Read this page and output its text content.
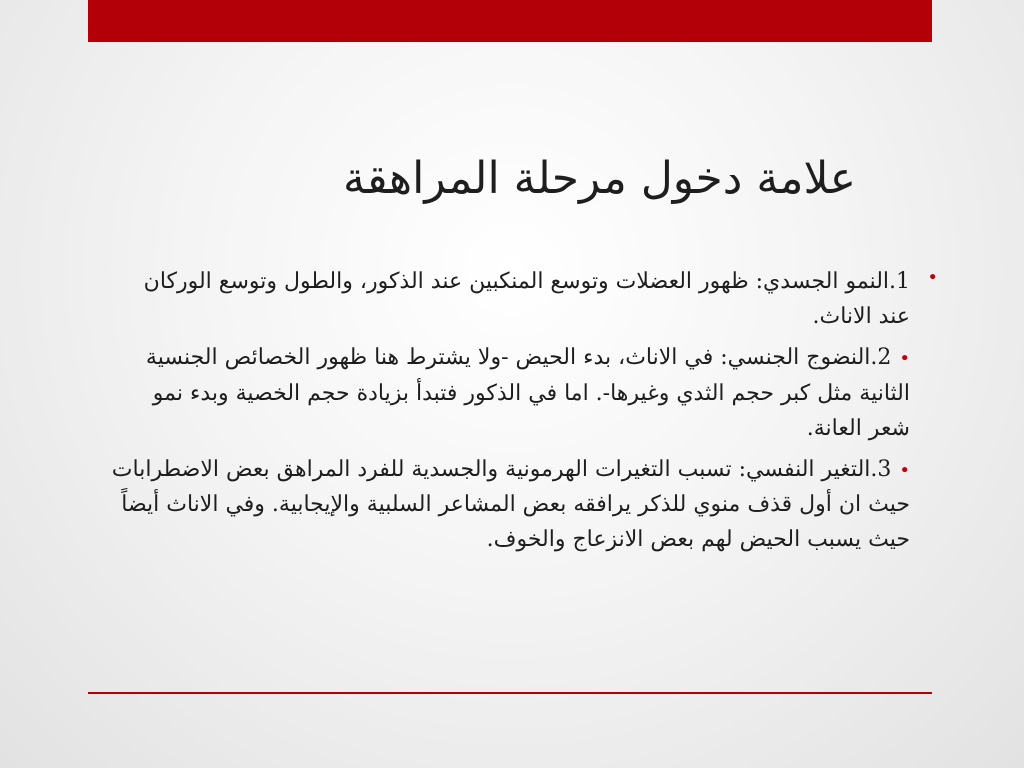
علامة دخول مرحلة المراهقة

•
1.النمو الجسدي: ظهور العضلات وتوسع المنكبين عند الذكور، والطول وتوسع الوركان عند الاناث.

•2.النضوج الجنسي: في الاناث، بدء الحيض -ولا يشترط هنا ظهور الخصائص الجنسية الثانية مثل كبر حجم الثدي وغيرها-. اما في الذكور فتبدأ بزيادة حجم الخصية وبدء نمو شعر العانة.

•3.التغير النفسي: تسبب التغيرات الهرمونية والجسدية للفرد المراهق بعض الاضطرابات حيث ان أول قذف منوي للذكر يرافقه بعض المشاعر السلبية والإيجابية. وفي الاناث أيضاً حيث يسبب الحيض لهم بعض الانزعاج والخوف.
